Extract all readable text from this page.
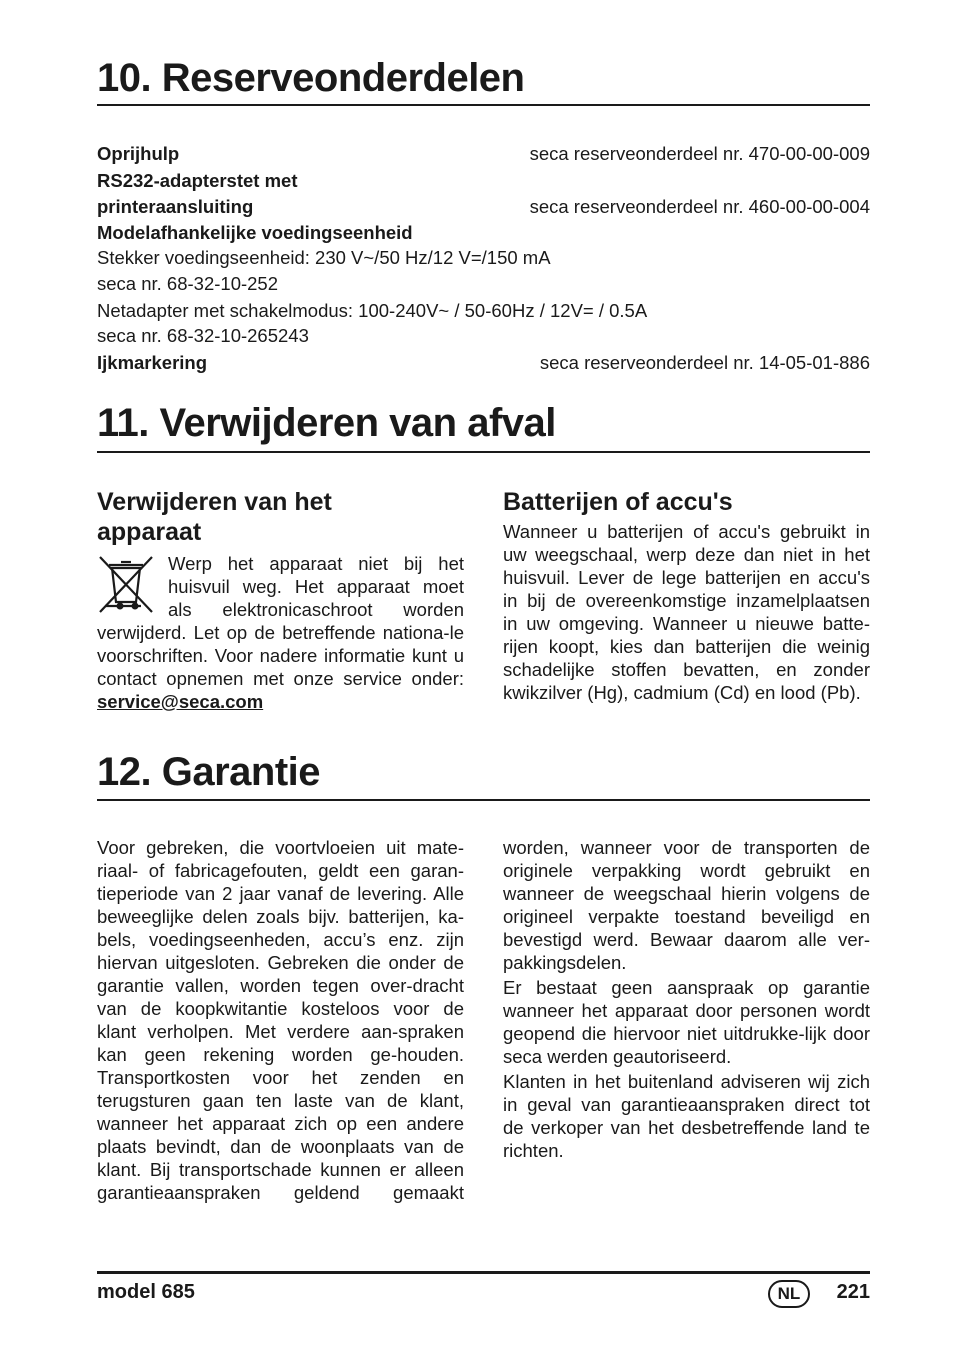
10. Reserveonderdelen
Oprijhulp	seca reserveonderdeel nr. 470-00-00-009
RS232-adapterstet met
printeraansluiting	seca reserveonderdeel nr. 460-00-00-004
Modelafhankelijke voedingseenheid
Stekker voedingseenheid: 230 V~/50 Hz/12 V=/150 mA
seca nr. 68-32-10-252
Netadapter met schakelmodus: 100-240V~ / 50-60Hz / 12V= / 0.5A
seca nr. 68-32-10-265243
Ijkmarkering	seca reserveonderdeel nr. 14-05-01-886
11. Verwijderen van afval
Verwijderen van het
apparaat
Werp het apparaat niet bij het
huisvuil weg. Het apparaat moet
als elektronicaschroot worden
verwijderd. Let op de betreffende nationa-le voorschriften. Voor nadere informatie kunt u contact opnemen met onze service onder: service@seca.com
Batterijen of accu's
Wanneer u batterijen of accu's gebruikt in uw weegschaal, werp deze dan niet in het huisvuil. Lever de lege batterijen en accu's in bij de overeenkomstige inzamelplaatsen in uw omgeving. Wanneer u nieuwe batte-rijen koopt, kies dan batterijen die weinig schadelijke stoffen bevatten, en zonder kwikzilver (Hg), cadmium (Cd) en lood (Pb).
12. Garantie
Voor gebreken, die voortvloeien uit mate-riaal- of fabricagefouten, geldt een garan-tieperiode van 2 jaar vanaf de levering. Alle beweeglijke delen zoals bijv. batterijen, ka-bels, voedingseenheden, accu’s enz. zijn hiervan uitgesloten. Gebreken die onder de garantie vallen, worden tegen over-dracht van de koopkwitantie kosteloos voor de klant verholpen. Met verdere aan-spraken kan geen rekening worden ge-houden. Transportkosten voor het zenden en terugsturen gaan ten laste van de klant, wanneer het apparaat zich op een andere plaats bevindt, dan de woonplaats van de klant. Bij transportschade kunnen er alleen garantieaanspraken geldend gemaakt
worden, wanneer voor de transporten de originele verpakking wordt gebruikt en wanneer de weegschaal hierin volgens de origineel verpakte toestand beveiligd en bevestigd werd. Bewaar daarom alle ver-pakkingsdelen.
Er bestaat geen aanspraak op garantie wanneer het apparaat door personen wordt geopend die hiervoor niet uitdrukke-lijk door seca werden geautoriseerd.
Klanten in het buitenland adviseren wij zich in geval van garantieaanspraken direct tot de verkoper van het desbetreffende land te richten.
model 685	NL	221
